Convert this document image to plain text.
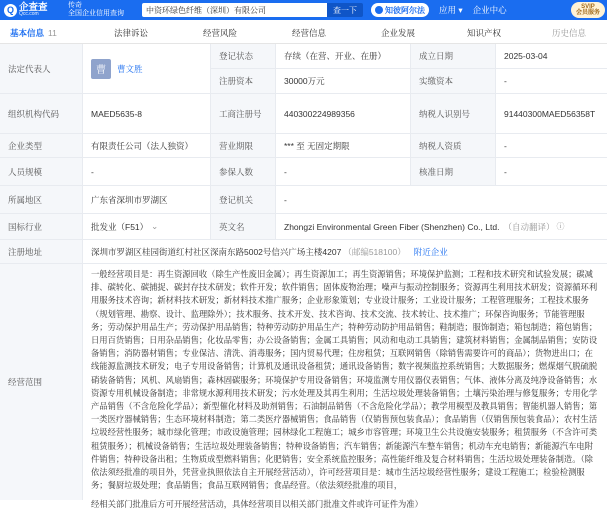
Q 企查查
Qcc.com
传奇
全国企业信用查询	中资环绿色纤维（深圳）有限公司	查一下	知彼阿尔法 应用 ▾ 企业中心	SVIP
会员服务
基本信息 11	法律诉讼	经营风险	经营信息	企业发展	知识产权	历史信息
法定代表人	曹	曹文胜
登记状态	存续（在营、开业、在册）	成立日期	2025-03-04
注册资本	30000万元	实缴资本	-
组织机构代码	MAED5635-8	工商注册号	440300224989356	纳税人识别号	91440300MAED56358T
企业类型	有限责任公司（法人独资）	营业期限	*** 至 无固定期限	纳税人资质	-
人员规模	-	参保人数	-	核准日期	-
所属地区	广东省深圳市罗湖区	登记机关	-
国标行业	批发业（F51） ⌄	英文名	Zhongzi Environmental Green Fiber (Shenzhen) Co., Ltd. （自动翻译） ⓘ
注册地址	深圳市罗湖区桂园街道红村社区深南东路5002号信兴广场主楼4207 （邮编518100） 附近企业
经营范围

一般经营项目是：再生资源回收（除生产性废旧金属）；再生资源加工；再生资源销售；环境保护监测；工程和技术研究和试验发展；碳减排、碳转化、碳捕捉、碳封存技术研发；软件开发；软件销售；固体废物治理；噪声与振动控制服务；资源再生利用技术研发；资源循环利用服务技术咨询；新材料技术研发；新材料技术推广服务；企业形象策划；专业设计服务；工业设计服务；工程管理服务；工程技术服务（规划管理、勘察、设计、监理除外）；技术服务、技术开发、技术咨询、技术交流、技术转让、技术推广；环保咨询服务；节能管理服务；劳动保护用品生产；劳动保护用品销售；特种劳动防护用品生产；特种劳动防护用品销售；鞋制造；服饰制造；箱包制造；箱包销售；日用百货销售；日用杂品销售；化妆品零售；办公设备销售；金属工具销售；风动和电动工具销售；建筑材料销售；金属制品销售；安防设备销售；消防器材销售；专业保洁、清洗、消毒服务；国内贸易代理；住房租赁；互联网销售（除销售需要许可的商品）；货物进出口；在线能源监测技术研发；电子专用设备销售；计算机及通讯设备租赁；通讯设备销售；数字视频监控系统销售；大数据服务；燃煤烟气脱硫脱硝装备销售；风机、风扇销售；森林固碳服务；环境保护专用设备销售；环境监测专用仪器仪表销售；气体、液体分离及纯净设备销售；水资源专用机械设备制造；非常规水源利用技术研发；污水处理及其再生利用；生活垃圾处理装备销售；土壤污染治理与修复服务；专用化学产品销售（不含危险化学品）；新型催化材料及助剂销售；石油制品销售（不含危险化学品）；教学用模型及教具销售；智能机器人销售；第一类医疗器械销售；生态环境材料制造；第二类医疗器械销售；食品销售（仅销售预包装食品）；食品销售（仅销售预包装食品）；农村生活垃圾经营性服务；城市绿化管理；市政设施管理；园林绿化工程施工；城乡市容管理；环境卫生公共设施安装服务；租赁服务（不含许可类租赁服务）；机械设备销售；生活垃圾处理装备销售；特种设备销售；汽车销售；新能源汽车整车销售；机动车充电销售；新能源汽车电附件销售；特种设备出租；生物质成型燃料销售；化肥销售；安全系统监控服务；高性能纤维及复合材料销售；生活垃圾处理装备制造。（除依法须经批准的项目外，凭营业执照依法自主开展经营活动），许可经营项目是：城市生活垃圾经营性服务；建设工程施工；检验检测服务；餐厨垃圾处理；食品销售；食品互联网销售；食品经营。（依法须经批准的项目，

经相关部门批准后方可开展经营活动，具体经营项目以相关部门批准文件或许可证件为准）
